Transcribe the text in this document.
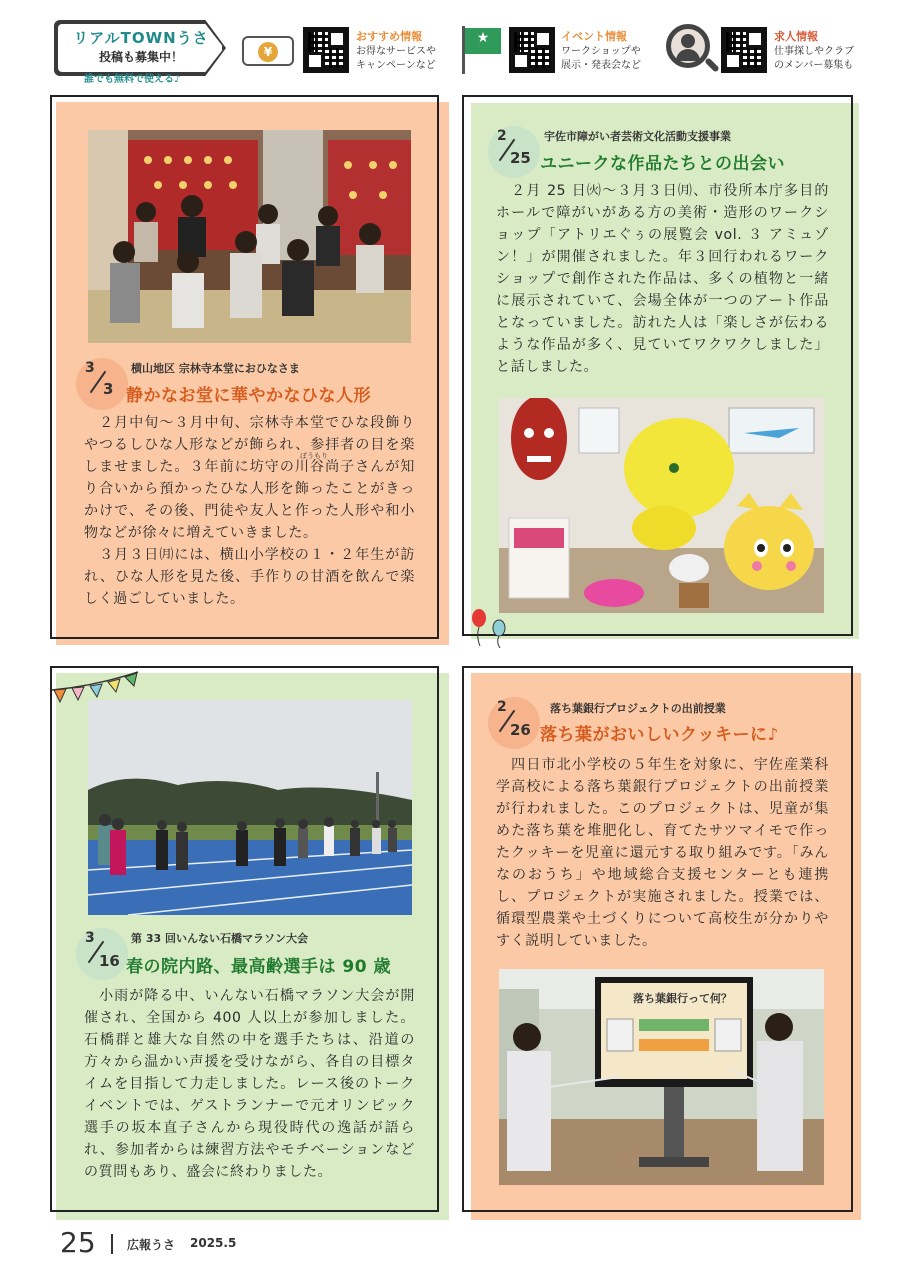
リアルTOWNうさ
投稿も募集中！
誰でも無料で使える♪
¥
おすすめ情報
お得なサービスや
キャンペーンなど
★	イベント情報
ワークショップや
展示・発表会など
求人情報
仕事探しやクラブ
のメンバー募集も
3
3
横山地区 宗林寺本堂におひなさま
静かなお堂に華やかなひな人形
ぼうもり
　２月中旬～３月中旬、宗林寺本堂でひな段飾りやつるしひな人形などが飾られ、参拝者の目を楽しませました。３年前に坊守の川谷尚子さんが知り合いから預かったひな人形を飾ったことがきっかけで、その後、門徒や友人と作った人形や和小物などが徐々に増えていきました。
　３月３日㈪には、横山小学校の１・２年生が訪れ、ひな人形を見た後、手作りの甘酒を飲んで楽しく過ごしていました。
2
25
宇佐市障がい者芸術文化活動支援事業
ユニークな作品たちとの出会い
　２月 25 日㈫～３月３日㈪、市役所本庁多目的ホールで障がいがある方の美術・造形のワークショップ「アトリエぐぅの展覧会 vol. ３ アミュゾン！」が開催されました。年３回行われるワークショップで創作された作品は、多くの植物と一緒に展示されていて、会場全体が一つのアート作品となっていました。訪れた人は「楽しさが伝わるような作品が多く、見ていてワクワクしました」と話しました。
3
16
第 33 回いんない石橋マラソン大会
春の院内路、最高齢選手は 90 歳
　小雨が降る中、いんない石橋マラソン大会が開催され、全国から 400 人以上が参加しました。石橋群と雄大な自然の中を選手たちは、沿道の方々から温かい声援を受けながら、各自の目標タイムを目指して力走しました。レース後のトークイベントでは、ゲストランナーで元オリンピック選手の坂本直子さんから現役時代の逸話が語られ、参加者からは練習方法やモチベーションなどの質問もあり、盛会に終わりました。
2
26
落ち葉銀行プロジェクトの出前授業
落ち葉がおいしいクッキーに♪
　四日市北小学校の５年生を対象に、宇佐産業科学高校による落ち葉銀行プロジェクトの出前授業が行われました。このプロジェクトは、児童が集めた落ち葉を堆肥化し、育てたサツマイモで作ったクッキーを児童に還元する取り組みです。「みんなのおうち」や地域総合支援センターとも連携し、プロジェクトが実施されました。授業では、循環型農業や土づくりについて高校生が分かりやすく説明していました。
落ち葉銀行って何？
25	広報うさ 2025.5
